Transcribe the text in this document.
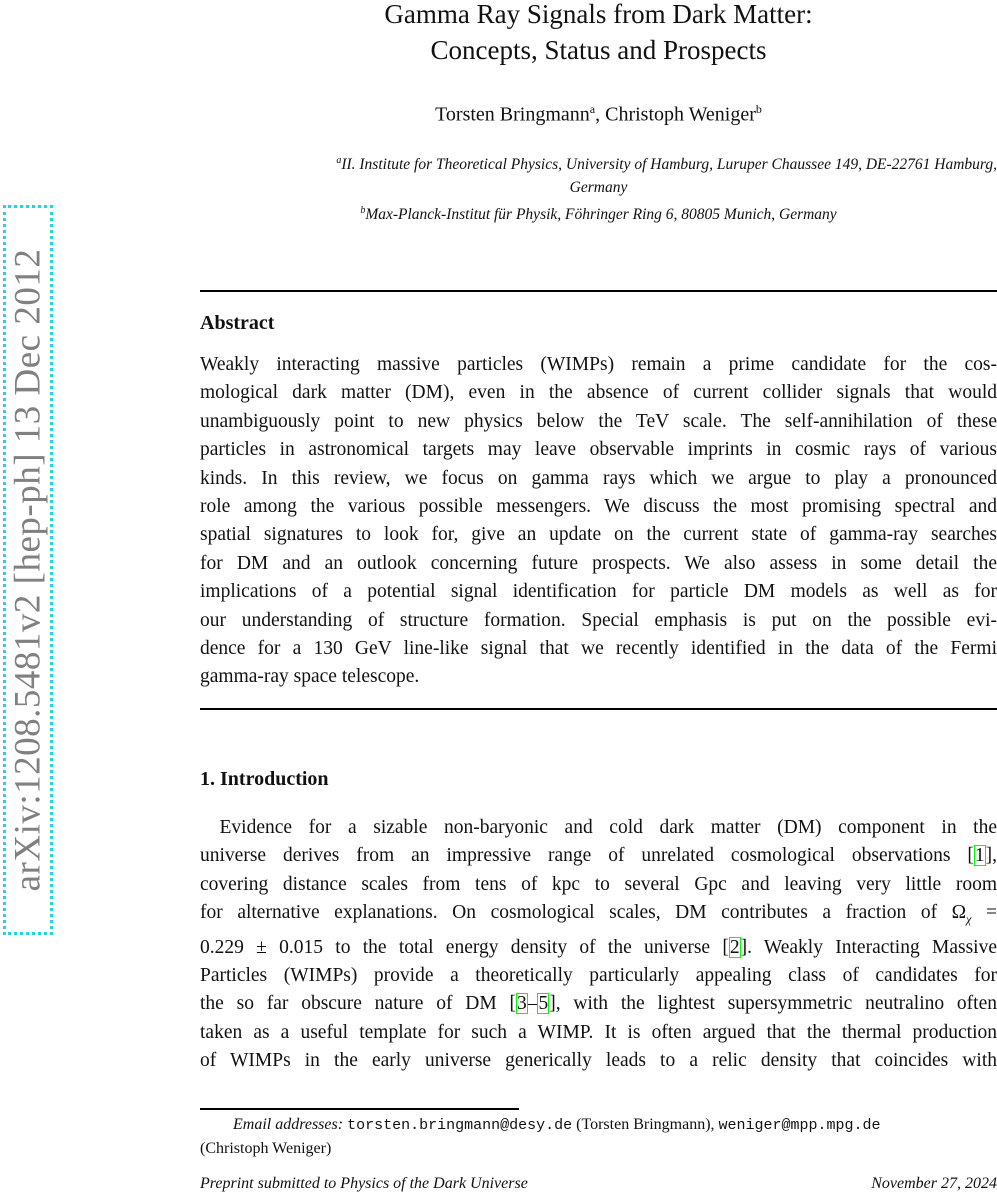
arXiv:1208.5481v2 [hep-ph] 13 Dec 2012
Gamma Ray Signals from Dark Matter:
Concepts, Status and Prospects
Torsten Bringmann$^a$, Christoph Weniger$^b$
$^a$II. Institute for Theoretical Physics, University of Hamburg, Luruper Chaussee 149, DE-22761 Hamburg,
Germany
$^b$Max-Planck-Institut für Physik, Föhringer Ring 6, 80805 Munich, Germany
Abstract
Weakly interacting massive particles (WIMPs) remain a prime candidate for the cos-
mological dark matter (DM), even in the absence of current collider signals that would
unambiguously point to new physics below the TeV scale. The self-annihilation of these
particles in astronomical targets may leave observable imprints in cosmic rays of various
kinds. In this review, we focus on gamma rays which we argue to play a pronounced
role among the various possible messengers. We discuss the most promising spectral and
spatial signatures to look for, give an update on the current state of gamma-ray searches
for DM and an outlook concerning future prospects. We also assess in some detail the
implications of a potential signal identification for particle DM models as well as for
our understanding of structure formation. Special emphasis is put on the possible evi-
dence for a 130 GeV line-like signal that we recently identified in the data of the Fermi
gamma-ray space telescope.
1. Introduction
 Evidence for a sizable non-baryonic and cold dark matter (DM) component in the
universe derives from an impressive range of unrelated cosmological observations [1],
covering distance scales from tens of kpc to several Gpc and leaving very little room
for alternative explanations. On cosmological scales, DM contributes a fraction of $\Omega_\chi$ =
0.229 ± 0.015 to the total energy density of the universe [2]. Weakly Interacting Massive
Particles (WIMPs) provide a theoretically particularly appealing class of candidates for
the so far obscure nature of DM [3–5], with the lightest supersymmetric neutralino often
taken as a useful template for such a WIMP. It is often argued that the thermal production
of WIMPs in the early universe generically leads to a relic density that coincides with
Email addresses: torsten.bringmann@desy.de (Torsten Bringmann), weniger@mpp.mpg.de
(Christoph Weniger)
Preprint submitted to Physics of the Dark Universe	November 27, 2024
